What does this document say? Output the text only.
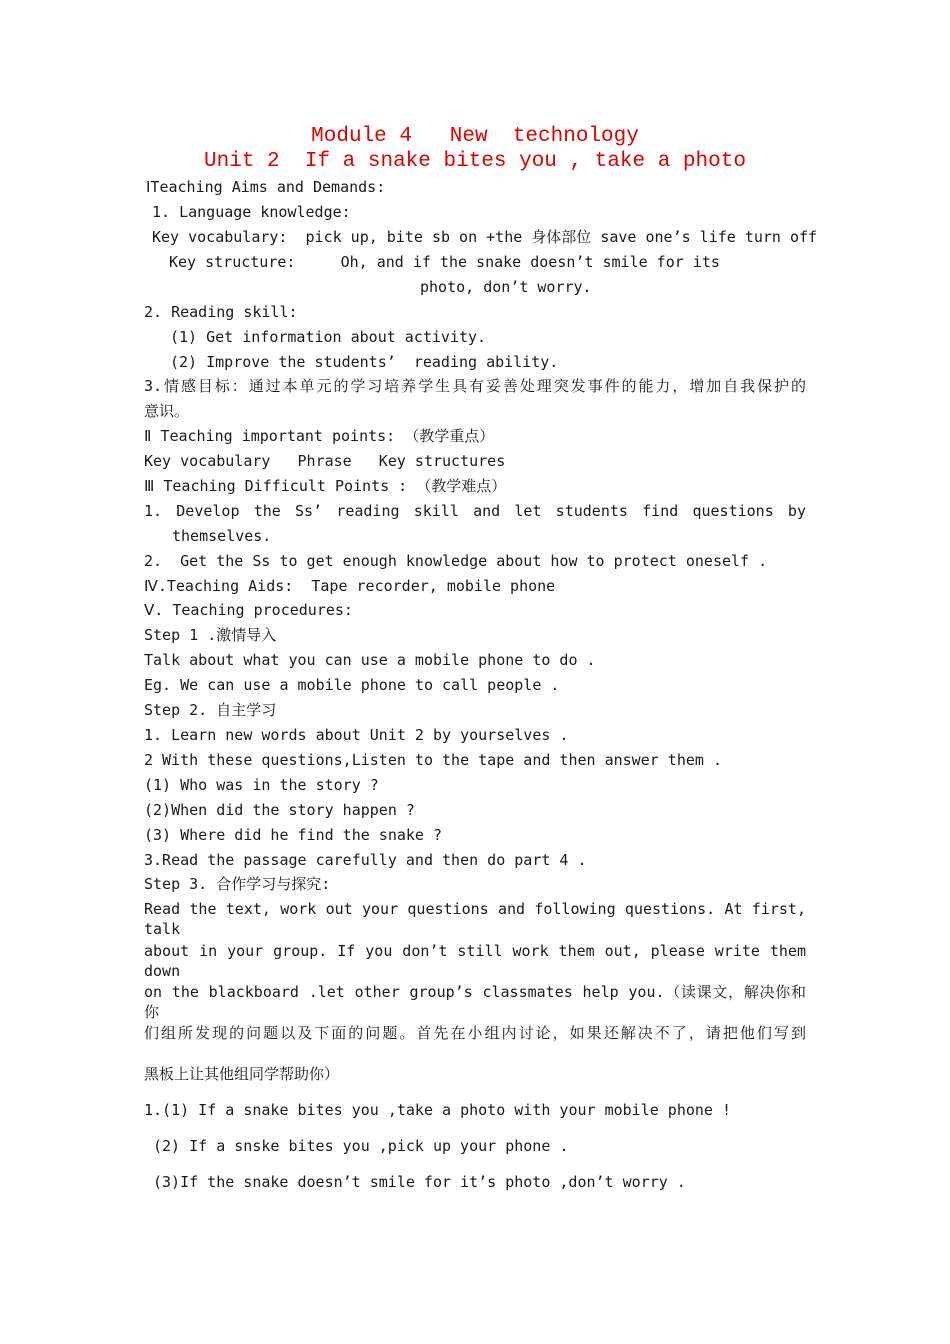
Module 4   New  technology
Unit 2  If a snake bites you , take a photo
ⅠTeaching Aims and Demands:
1. Language knowledge:
Key vocabulary:  pick up, bite sb on +the 身体部位 save one’s life turn off
Key structure:     Oh, and if the snake doesn’t smile for its
photo, don’t worry.
2. Reading skill:
(1) Get information about activity.
(2) Improve the students’  reading ability.
3.情感目标：通过本单元的学习培养学生具有妥善处理突发事件的能力，增加自我保护的
意识。
Ⅱ Teaching important points: （教学重点）
Key vocabulary   Phrase   Key structures
Ⅲ Teaching Difficult Points : （教学难点）
1. Develop the Ss’ reading skill and let students find questions by
themselves.
2.  Get the Ss to get enough knowledge about how to protect oneself .
Ⅳ.Teaching Aids:  Tape recorder, mobile phone
Ⅴ. Teaching procedures:
Step 1 .激情导入
Talk about what you can use a mobile phone to do .
Eg. We can use a mobile phone to call people .
Step 2. 自主学习
1. Learn new words about Unit 2 by yourselves .
2 With these questions,Listen to the tape and then answer them .
(1) Who was in the story ?
(2)When did the story happen ?
(3) Where did he find the snake ?
3.Read the passage carefully and then do part 4 .
Step 3. 合作学习与探究:
Read the text, work out your questions and following questions. At first, talk
about in your group. If you don’t still work them out, please write them down
on the blackboard .let other group’s classmates help you.（读课文，解决你和你
们组所发现的问题以及下面的问题。首先在小组内讨论，如果还解决不了，请把他们写到
黑板上让其他组同学帮助你）
1.(1) If a snake bites you ,take a photo with your mobile phone !
(2) If a snske bites you ,pick up your phone .
(3)If the snake doesn’t smile for it’s photo ,don’t worry .
